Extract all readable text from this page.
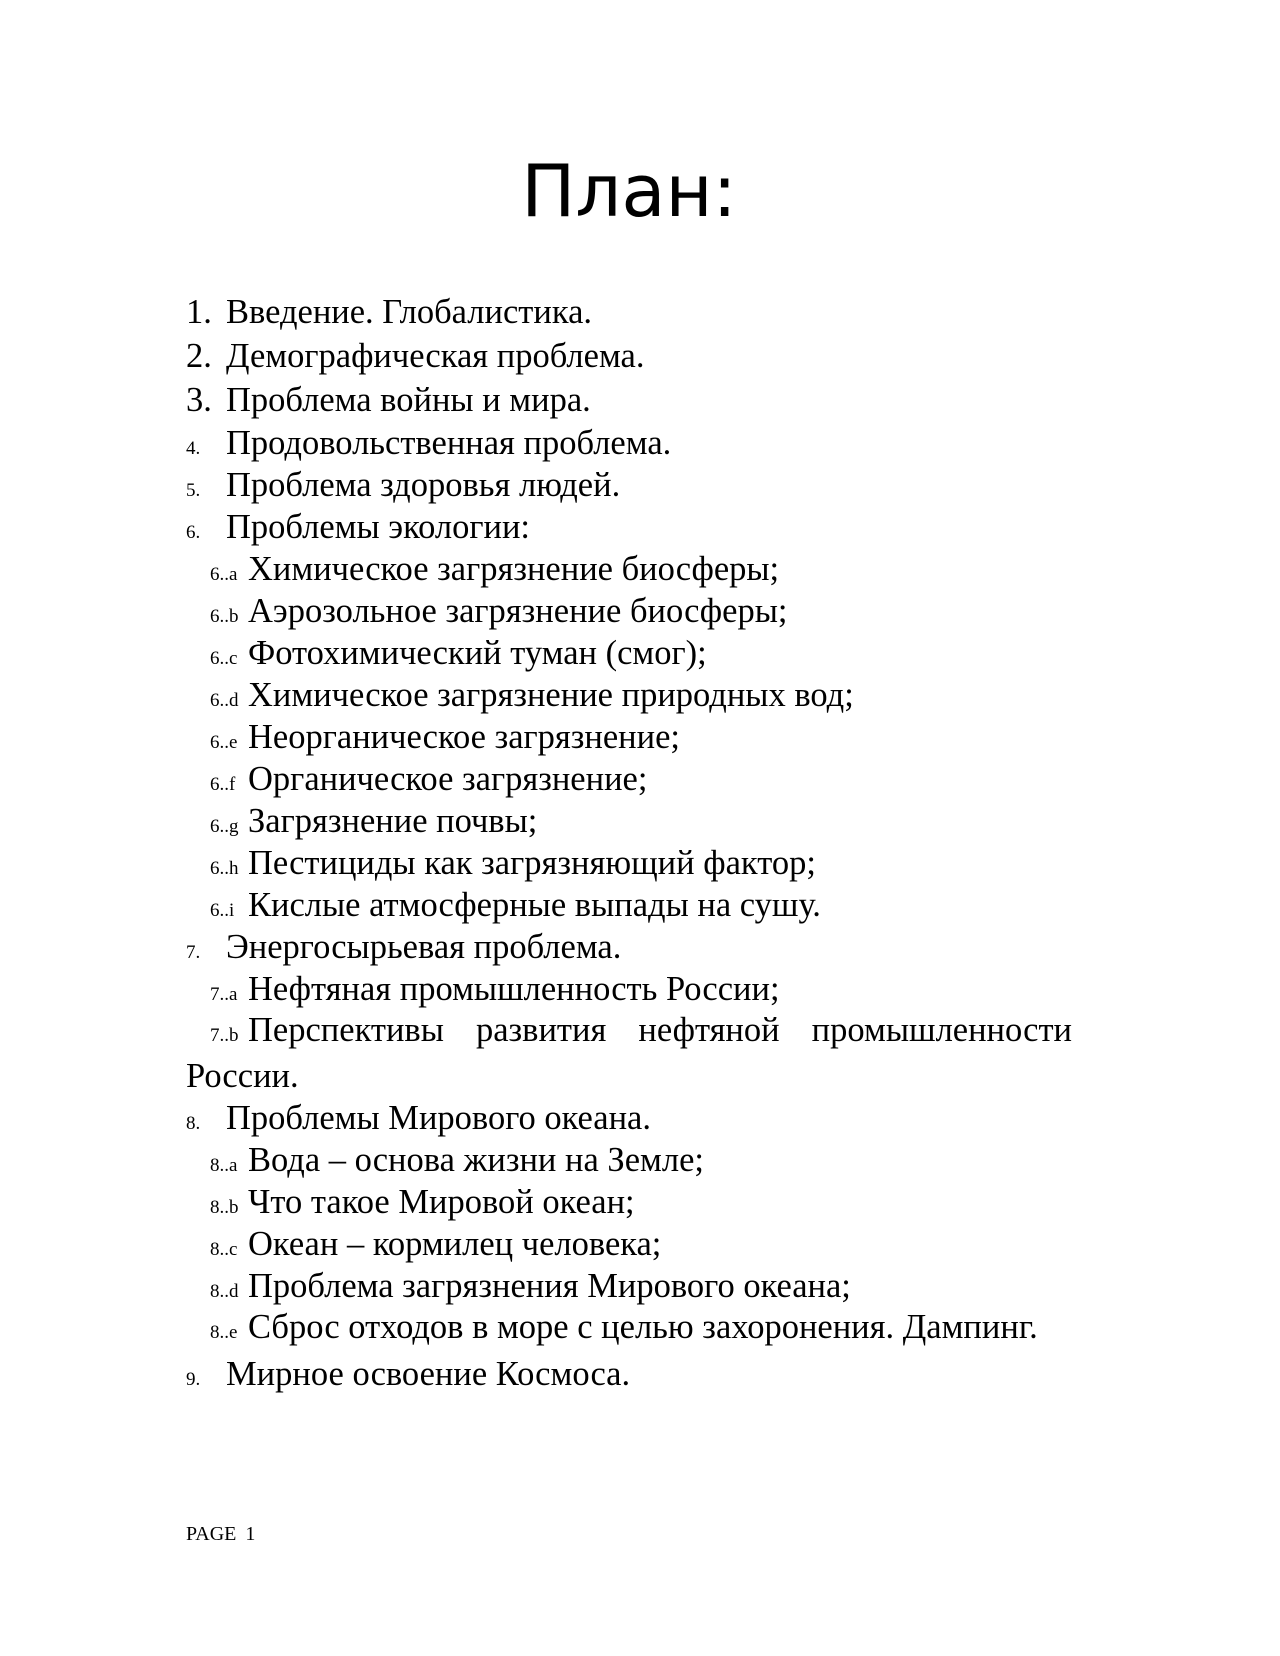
План:
1. Введение. Глобалистика.
2. Демографическая проблема.
3. Проблема войны и мира.
4. Продовольственная проблема.
5. Проблема здоровья людей.
6. Проблемы экологии:
6..a Химическое загрязнение биосферы;
6..b Аэрозольное загрязнение биосферы;
6..c Фотохимический туман (смог);
6..d Химическое загрязнение природных вод;
6..e Неорганическое загрязнение;
6..f Органическое загрязнение;
6..g Загрязнение почвы;
6..h Пестициды как загрязняющий фактор;
6..i Кислые атмосферные выпады на сушу.
7. Энергосырьевая проблема.
7..a Нефтяная промышленность России;
7..b Перспективы развития нефтяной промышленности России.
8. Проблемы Мирового океана.
8..a Вода – основа жизни на Земле;
8..b Что такое Мировой океан;
8..c Океан – кормилец человека;
8..d Проблема загрязнения Мирового океана;
8..e Сброс отходов в море с целью захоронения. Дампинг.
9. Мирное освоение Космоса.
PAGE 1
